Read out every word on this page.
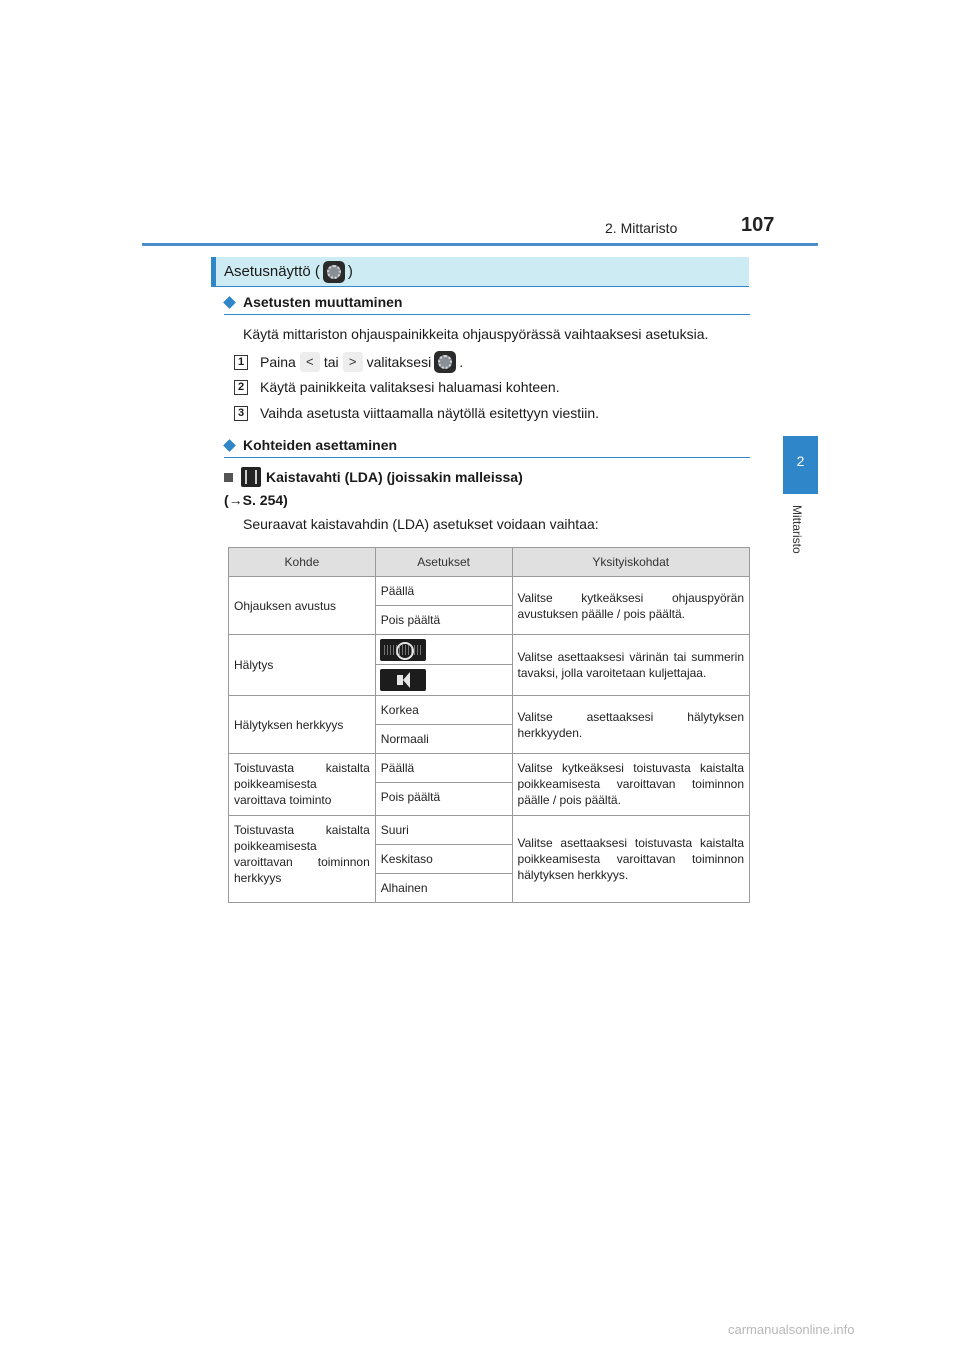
2. Mittaristo	107
2
Mittaristo
Asetusnäyttö ( )
Asetusten muuttaminen
Käytä mittariston ohjauspainikkeita ohjauspyörässä vaihtaaksesi asetuksia.
1 Paina < tai > valitaksesi .
2 Käytä painikkeita valitaksesi haluamasi kohteen.
3 Vaihda asetusta viittaamalla näytöllä esitettyyn viestiin.
Kohteiden asettaminen
Kaistavahti (LDA) (joissakin malleissa)
(→S. 254)
Seuraavat kaistavahdin (LDA) asetukset voidaan vaihtaa:
Kohde	Asetukset	Yksityiskohdat
Ohjauksen avustus	Päällä	Valitse kytkeäksesi ohjauspyörän avustuksen päälle / pois päältä.
	Pois päältä	
Hälytys		Valitse asettaaksesi värinän tai summerin tavaksi, jolla varoitetaan kuljettajaa.

Hälytyksen herkkyys	Korkea	Valitse asettaaksesi hälytyksen herkkyyden.
	Normaali	
Toistuvasta kaistalta poikkeamisesta varoittava toiminto	Päällä	Valitse kytkeäksesi toistuvasta kaistalta poikkeamisesta varoittavan toiminnon päälle / pois päältä.
	Pois päältä	
Toistuvasta kaistalta poikkeamisesta varoittavan toiminnon herkkyys	Suuri	Valitse asettaaksesi toistuvasta kaistalta poikkeamisesta varoittavan toiminnon hälytyksen herkkyys.
	Keskitaso	
	Alhainen	
carmanualsonline.info
